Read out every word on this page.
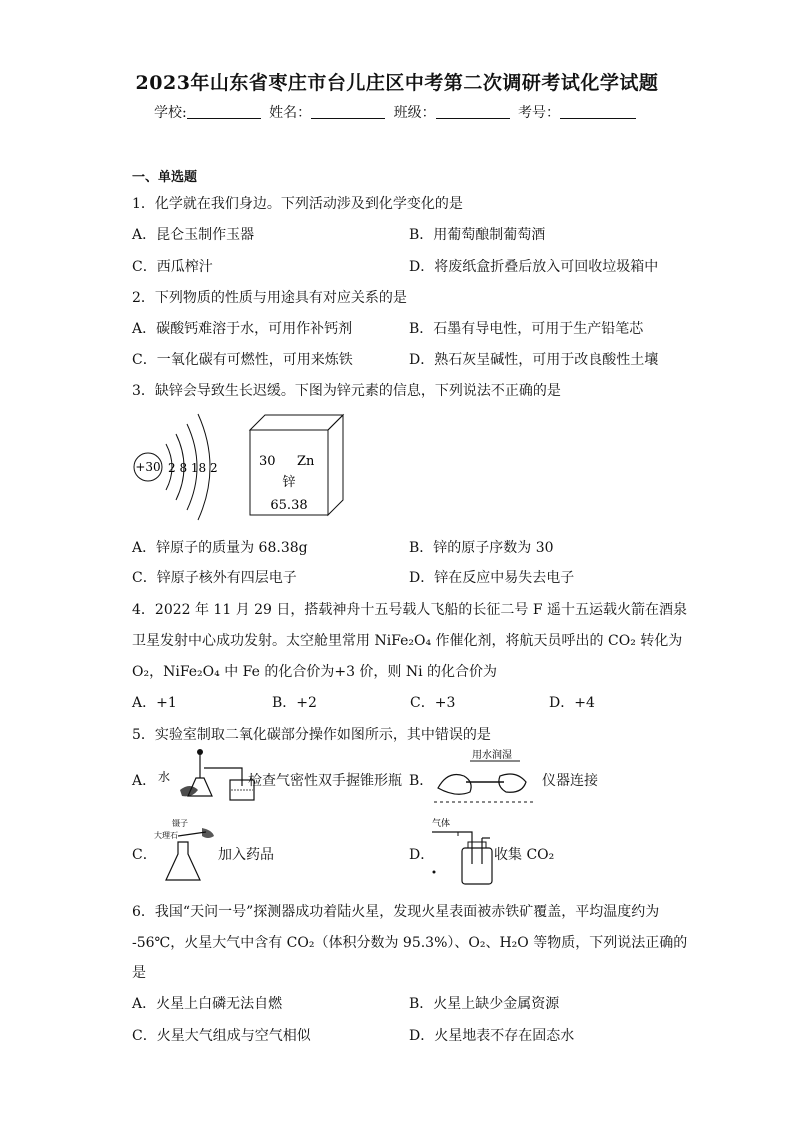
2023年山东省枣庄市台儿庄区中考第二次调研考试化学试题
学校:	姓名：	班级：	考号：
一、单选题
1．化学就在我们身边。下列活动涉及到化学变化的是
A．昆仑玉制作玉器	B．用葡萄酿制葡萄酒
C．西瓜榨汁	D．将废纸盒折叠后放入可回收垃圾箱中
2．下列物质的性质与用途具有对应关系的是
A．碳酸钙难溶于水，可用作补钙剂	B．石墨有导电性，可用于生产铅笔芯
C．一氧化碳有可燃性，可用来炼铁	D．熟石灰呈碱性，可用于改良酸性土壤
3．缺锌会导致生长迟缓。下图为锌元素的信息，下列说法不正确的是
+30 2 8 18 2	30 Zn
锌
65.38
A．锌原子的质量为 68.38g	B．锌的原子序数为 30
C．锌原子核外有四层电子	D．锌在反应中易失去电子
4．2022 年 11 月 29 日，搭载神舟十五号载人飞船的长征二号 F 遥十五运载火箭在酒泉
卫星发射中心成功发射。太空舱里常用 NiFe₂O₄ 作催化剂，将航天员呼出的 CO₂ 转化为
O₂，NiFe₂O₄ 中 Fe 的化合价为+3 价，则 Ni 的化合价为
A．+1	B．+2	C．+3	D．+4
5．实验室制取二氧化碳部分操作如图所示，其中错误的是
A． 水	检查气密性双手握锥形瓶 B．
用水润湿
仪器连接
C．
镊子
大理石
加入药品	D．
气体
收集 CO₂
6．我国“天问一号”探测器成功着陆火星，发现火星表面被赤铁矿覆盖，平均温度约为
-56℃，火星大气中含有 CO₂（体积分数为 95.3%）、O₂、H₂O 等物质，下列说法正确的
是
A．火星上白磷无法自燃	B．火星上缺少金属资源
C．火星大气组成与空气相似	D．火星地表不存在固态水
